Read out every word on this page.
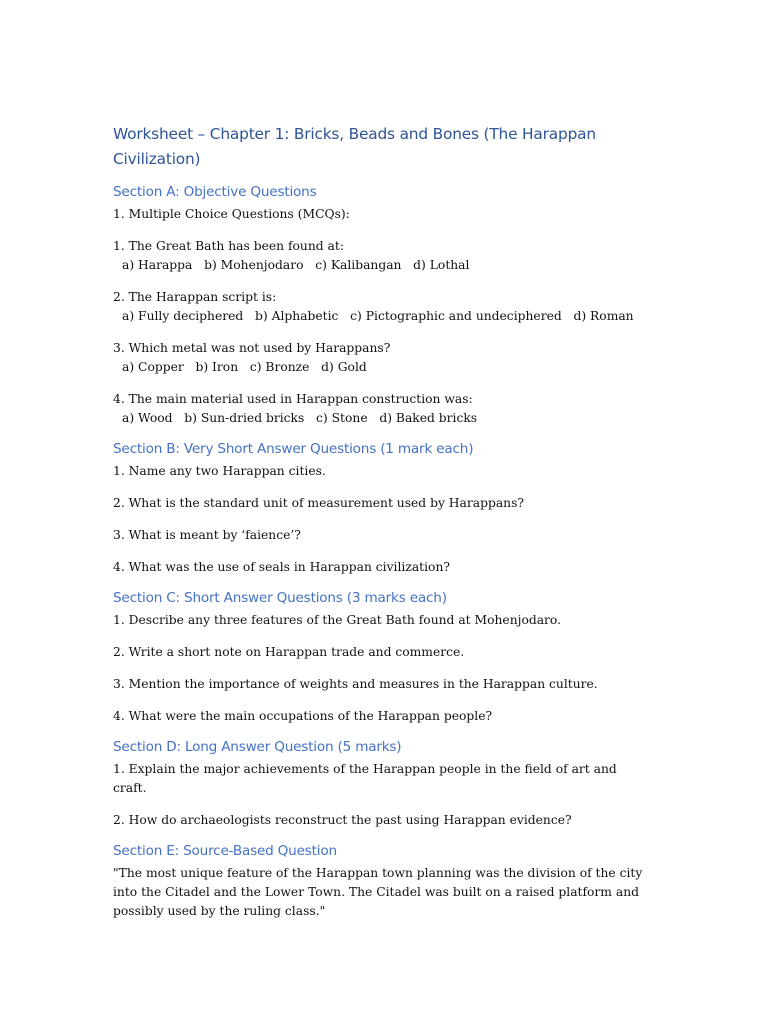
Worksheet – Chapter 1: Bricks, Beads and Bones (The Harappan Civilization)
Section A: Objective Questions

1. Multiple Choice Questions (MCQs):

1. The Great Bath has been found at:

a) Harappa   b) Mohenjodaro   c) Kalibangan   d) Lothal

2. The Harappan script is:

a) Fully deciphered   b) Alphabetic   c) Pictographic and undeciphered   d) Roman

3. Which metal was not used by Harappans?

a) Copper   b) Iron   c) Bronze   d) Gold

4. The main material used in Harappan construction was:

a) Wood   b) Sun-dried bricks   c) Stone   d) Baked bricks

Section B: Very Short Answer Questions (1 mark each)

1. Name any two Harappan cities.

2. What is the standard unit of measurement used by Harappans?

3. What is meant by ‘faience’?

4. What was the use of seals in Harappan civilization?

Section C: Short Answer Questions (3 marks each)

1. Describe any three features of the Great Bath found at Mohenjodaro.

2. Write a short note on Harappan trade and commerce.

3. Mention the importance of weights and measures in the Harappan culture.

4. What were the main occupations of the Harappan people?

Section D: Long Answer Question (5 marks)

1. Explain the major achievements of the Harappan people in the field of art and craft.

2. How do archaeologists reconstruct the past using Harappan evidence?

Section E: Source-Based Question

"The most unique feature of the Harappan town planning was the division of the city into the Citadel and the Lower Town. The Citadel was built on a raised platform and possibly used by the ruling class."
